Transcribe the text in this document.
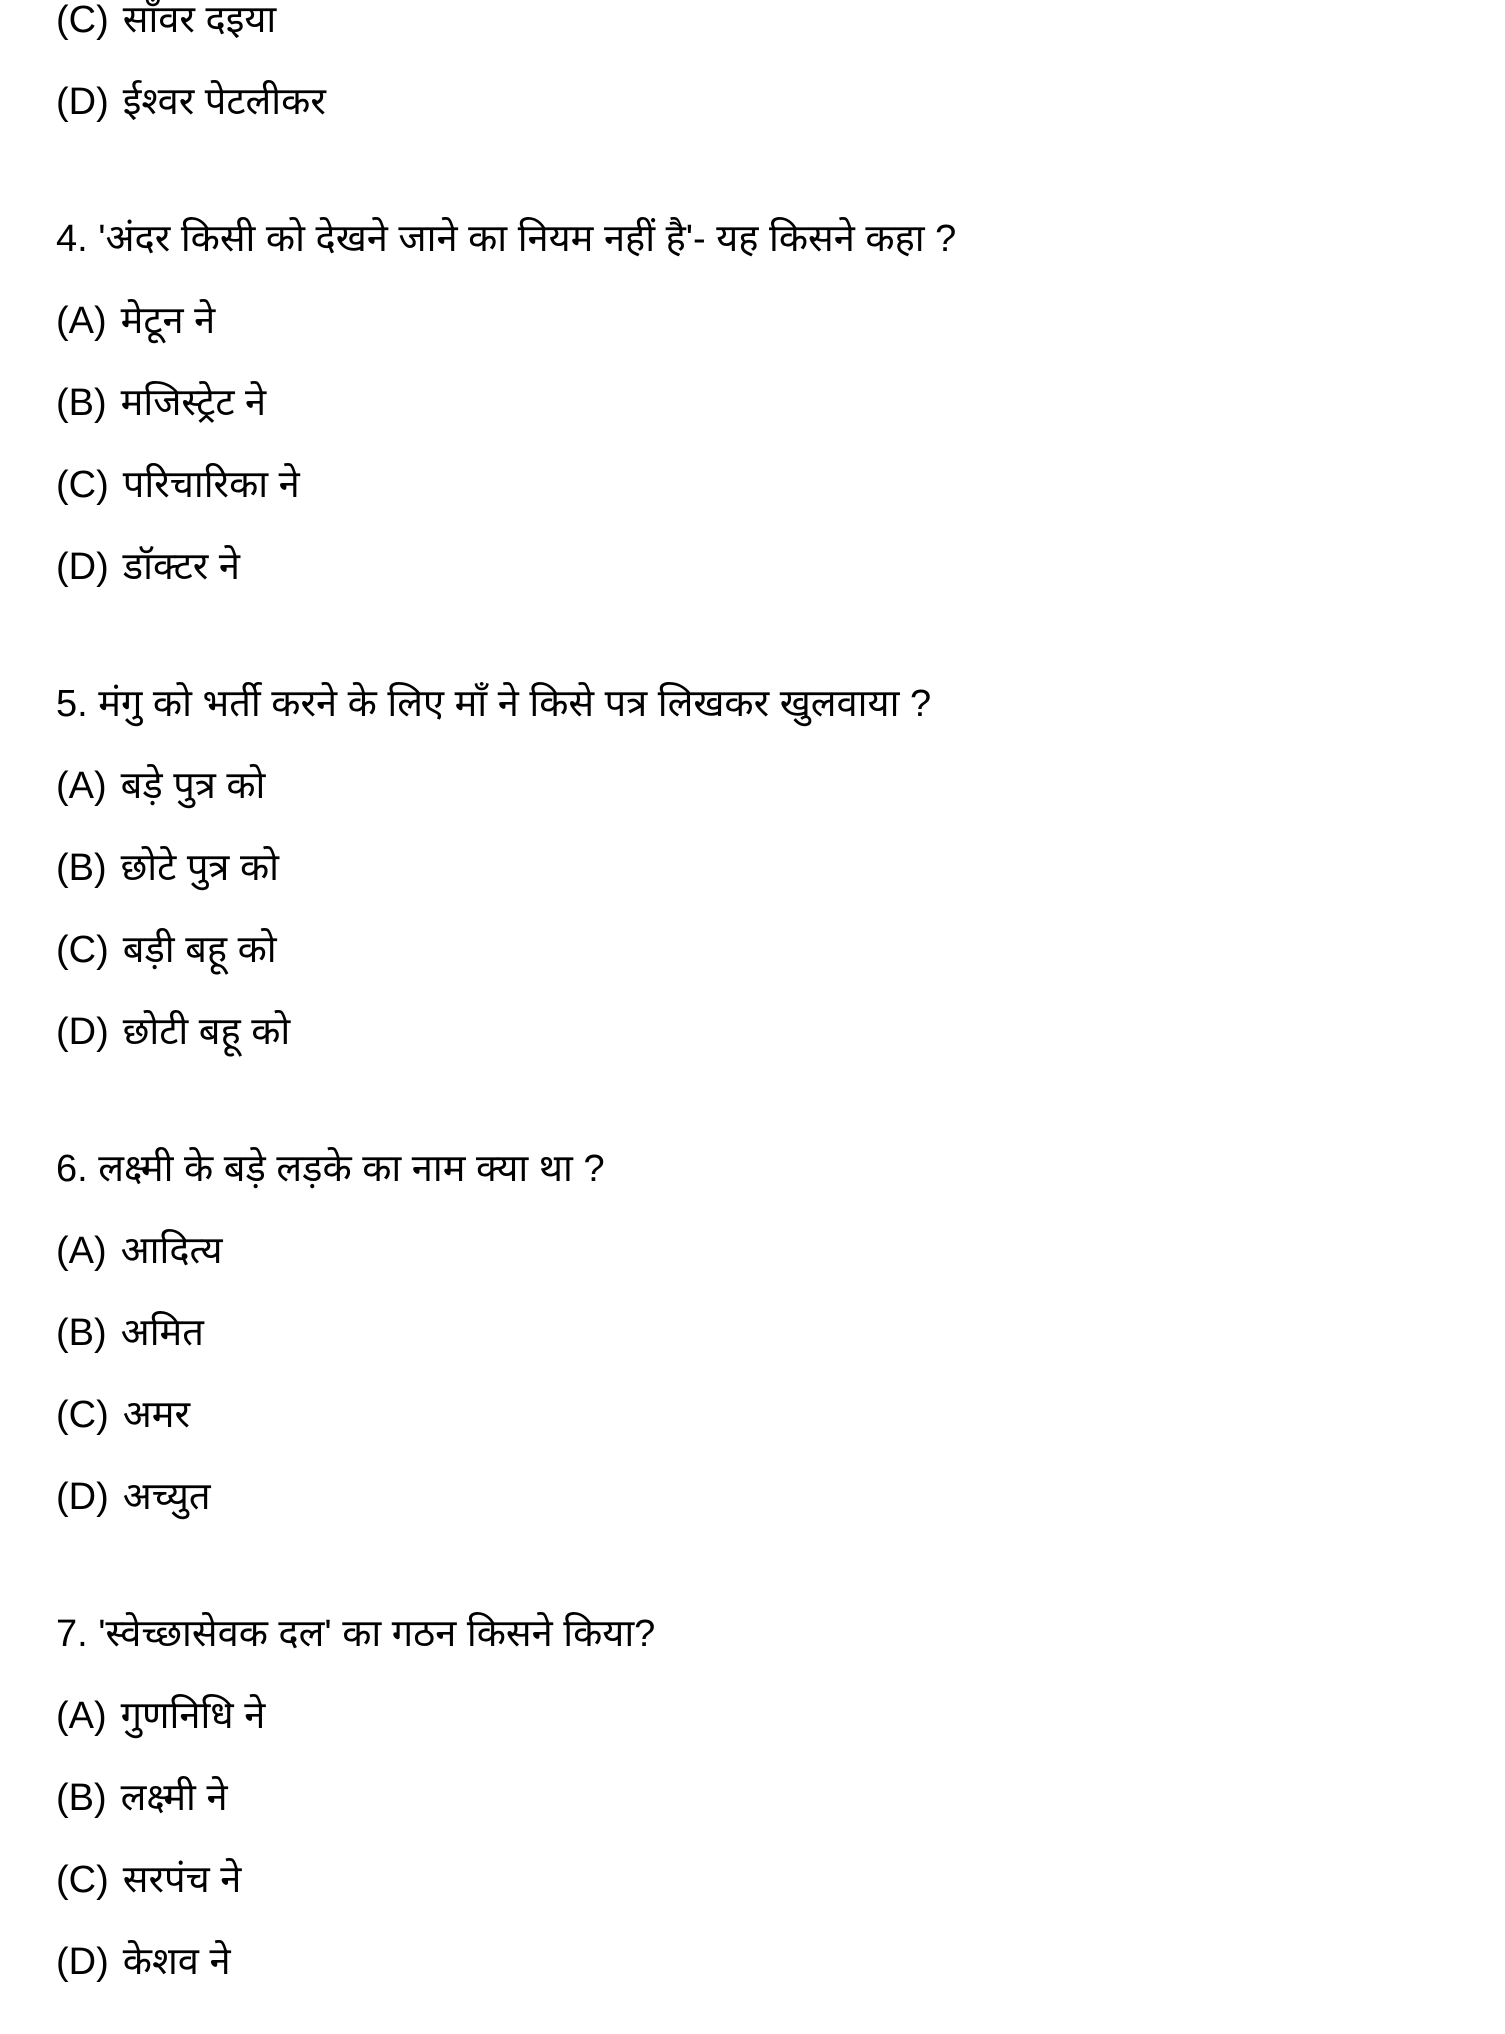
(C) साँवर दइया
(D) ईश्वर पेटलीकर
4. 'अंदर किसी को देखने जाने का नियम नहीं है'- यह किसने कहा ?
(A) मेटून ने
(B) मजिस्ट्रेट ने
(C) परिचारिका ने
(D) डॉक्टर ने
5. मंगु को भर्ती करने के लिए माँ ने किसे पत्र लिखकर खुलवाया ?
(A) बड़े पुत्र को
(B) छोटे पुत्र को
(C) बड़ी बहू को
(D) छोटी बहू को
6. लक्ष्मी के बड़े लड़के का नाम क्या था ?
(A) आदित्य
(B) अमित
(C) अमर
(D) अच्युत
7. 'स्वेच्छासेवक दल' का गठन किसने किया?
(A) गुणनिधि ने
(B) लक्ष्मी ने
(C) सरपंच ने
(D) केशव ने
